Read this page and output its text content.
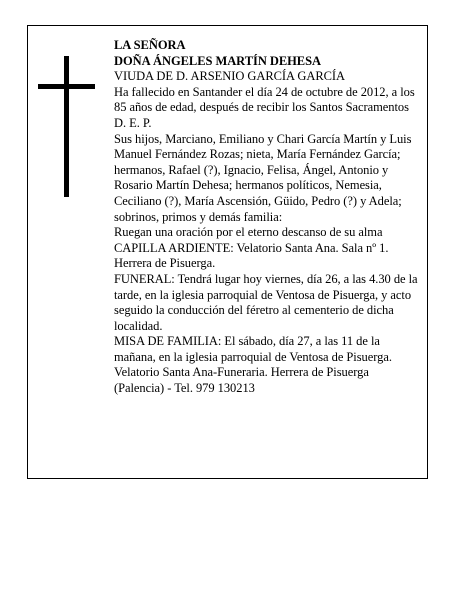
LA SEÑORA

DOÑA ÁNGELES MARTÍN DEHESA

VIUDA DE D. ARSENIO GARCÍA GARCÍA

Ha fallecido en Santander el día 24 de octubre de 2012, a los 85 años de edad, después de recibir los Santos Sacramentos

D. E. P.

Sus hijos, Marciano, Emiliano y Chari García Martín y Luis Manuel Fernández Rozas; nieta, María Fernández García; hermanos, Rafael (?), Ignacio, Felisa, Ángel, Antonio y Rosario Martín Dehesa; hermanos políticos, Nemesia, Ceciliano (?), María Ascensión, Güido, Pedro (?) y Adela; sobrinos, primos y demás familia:

Ruegan una oración por el eterno descanso de su alma

CAPILLA ARDIENTE: Velatorio Santa Ana. Sala nº 1. Herrera de Pisuerga.

FUNERAL: Tendrá lugar hoy viernes, día 26, a las 4.30 de la tarde, en la iglesia parroquial de Ventosa de Pisuerga, y acto seguido la conducción del féretro al cementerio de dicha localidad.

MISA DE FAMILIA: El sábado, día 27, a las 11 de la mañana, en la iglesia parroquial de Ventosa de Pisuerga.

Velatorio Santa Ana-Funeraria. Herrera de Pisuerga (Palencia) - Tel. 979 130213
